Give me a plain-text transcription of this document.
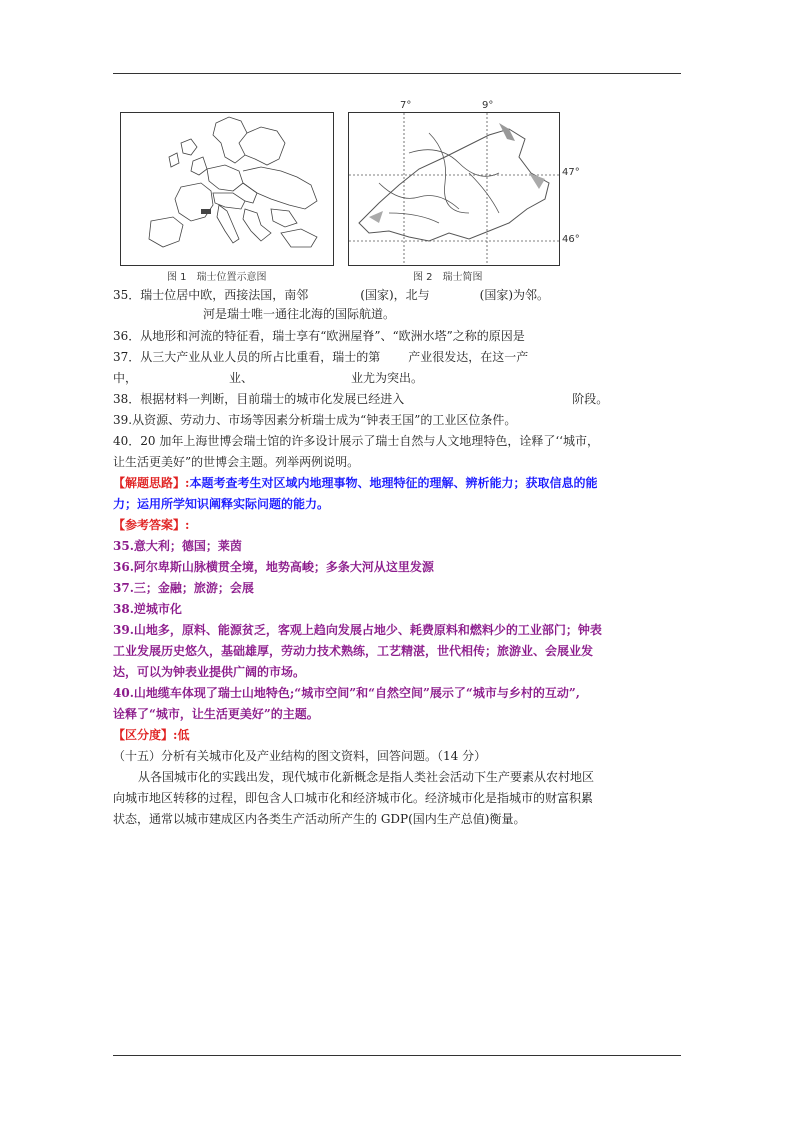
图 1　瑞士位置示意图
7°	9°
47°
46°
图 2　瑞士简图
35．瑞士位居中欧，西接法国，南邻	(国家)，北与	(国家)为邻。
河是瑞士唯一通往北海的国际航道。
36．从地形和河流的特征看，瑞士享有“欧洲屋脊”、“欧洲水塔”之称的原因是
37．从三大产业从业人员的所占比重看，瑞士的第 产业很发达，在这一产
中，	业、	业尤为突出。
38．根据材料一判断，目前瑞士的城市化发展已经进入	阶段。
39.从资源、劳动力、市场等因素分析瑞士成为“钟表王国”的工业区位条件。
40．20 加年上海世博会瑞士馆的许多设计展示了瑞士自然与人文地理特色，诠释了‘‘城市，
让生活更美好”的世博会主题。列举两例说明。
【解题思路】:本题考查考生对区域内地理事物、地理特征的理解、辨析能力；获取信息的能
力；运用所学知识阐释实际问题的能力。
【参考答案】:
35.意大利；德国；莱茵
36.阿尔卑斯山脉横贯全境，地势高峻；多条大河从这里发源
37.三；金融；旅游；会展
38.逆城市化
39.山地多，原料、能源贫乏，客观上趋向发展占地少、耗费原料和燃料少的工业部门；钟表
工业发展历史悠久，基础雄厚，劳动力技术熟练，工艺精湛，世代相传；旅游业、会展业发
达，可以为钟表业提供广阔的市场。
40.山地缆车体现了瑞士山地特色;“城市空间”和“自然空间”展示了“城市与乡村的互动”,
诠释了“城市，让生活更美好”的主题。
【区分度】:低
（十五）分析有关城市化及产业结构的图文资料，回答问题。（14 分）
从各国城市化的实践出发，现代城市化新概念是指人类社会活动下生产要素从农村地区
向城市地区转移的过程，即包含人口城市化和经济城市化。经济城市化是指城市的财富积累
状态，通常以城市建成区内各类生产活动所产生的 GDP(国内生产总值)衡量。
